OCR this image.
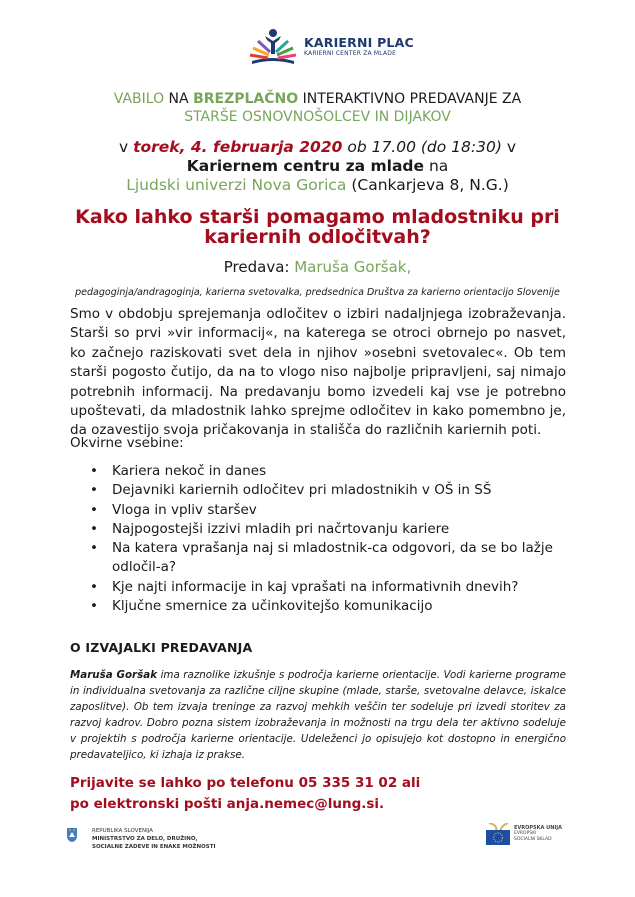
KARIERNI PLAC
KARIERNI CENTER ZA MLADE
VABILO NA BREZPLAČNO INTERAKTIVNO PREDAVANJE ZA
STARŠE OSNOVNOŠOLCEV IN DIJAKOV
v torek, 4. februarja 2020 ob 17.00 (do 18:30) v
Kariernem centru za mlade na
Ljudski univerzi Nova Gorica (Cankarjeva 8, N.G.)
Kako lahko starši pomagamo mladostniku pri
kariernih odločitvah?
Predava: Maruša Goršak,
pedagoginja/andragoginja, karierna svetovalka, predsednica Društva za karierno orientacijo Slovenije
Smo v obdobju sprejemanja odločitev o izbiri nadaljnjega izobraževanja. Starši so prvi »vir informacij«, na katerega se otroci obrnejo po nasvet, ko začnejo raziskovati svet dela in njihov »osebni svetovalec«. Ob tem starši pogosto čutijo, da na to vlogo niso najbolje pripravljeni, saj nimajo potrebnih informacij. Na predavanju bomo izvedeli kaj vse je potrebno upoštevati, da mladostnik lahko sprejme odločitev in kako pomembno je, da ozavestijo svoja pričakovanja in stališča do različnih kariernih poti.
Okvirne vsebine:
• Kariera nekoč in danes
• Dejavniki kariernih odločitev pri mladostnikih v OŠ in SŠ
• Vloga in vpliv staršev
• Najpogostejši izzivi mladih pri načrtovanju kariere
• Na katera vprašanja naj si mladostnik-ca odgovori, da se bo lažje odločil-a?
• Kje najti informacije in kaj vprašati na informativnih dnevih?
• Ključne smernice za učinkovitejšo komunikacijo
O IZVAJALKI PREDAVANJA
Maruša Goršak ima raznolike izkušnje s področja karierne orientacije. Vodi karierne programe in individualna svetovanja za različne ciljne skupine (mlade, starše, svetovalne delavce, iskalce zaposlitve). Ob tem izvaja treninge za razvoj mehkih veščin ter sodeluje pri izvedi storitev za razvoj kadrov. Dobro pozna sistem izobraževanja in možnosti na trgu dela ter aktivno sodeluje v projektih s področja karierne orientacije. Udeleženci jo opisujejo kot dostopno in energično predavateljico, ki izhaja iz prakse.
Prijavite se lahko po telefonu 05 335 31 02 ali
po elektronski pošti anja.nemec@lung.si.
REPUBLIKA SLOVENIJA
MINISTRSTVO ZA DELO, DRUŽINO,
SOCIALNE ZADEVE IN ENAKE MOŽNOSTI
EVROPSKA UNIJA
EVROPSKI
SOCIALNI SKLAD
